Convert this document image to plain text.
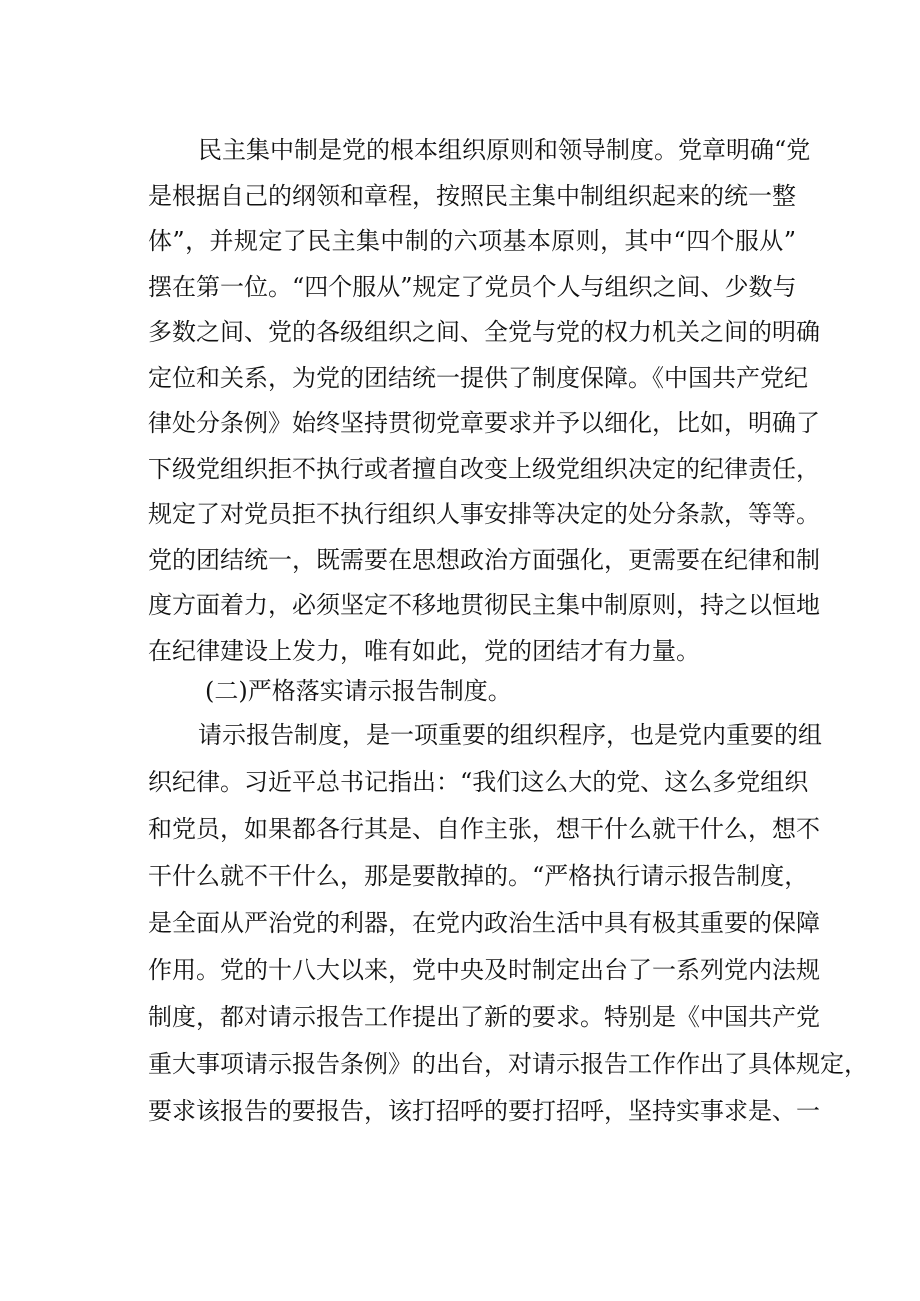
民主集中制是党的根本组织原则和领导制度。党章明确“党
是根据自己的纲领和章程，按照民主集中制组织起来的统一整
体”，并规定了民主集中制的六项基本原则，其中“四个服从”
摆在第一位。“四个服从”规定了党员个人与组织之间、少数与
多数之间、党的各级组织之间、全党与党的权力机关之间的明确
定位和关系，为党的团结统一提供了制度保障。《中国共产党纪
律处分条例》始终坚持贯彻党章要求并予以细化，比如，明确了
下级党组织拒不执行或者擅自改变上级党组织决定的纪律责任，
规定了对党员拒不执行组织人事安排等决定的处分条款，等等。
党的团结统一，既需要在思想政治方面强化，更需要在纪律和制
度方面着力，必须坚定不移地贯彻民主集中制原则，持之以恒地
在纪律建设上发力，唯有如此，党的团结才有力量。
(二)严格落实请示报告制度。
请示报告制度，是一项重要的组织程序，也是党内重要的组
织纪律。习近平总书记指出：“我们这么大的党、这么多党组织
和党员，如果都各行其是、自作主张，想干什么就干什么，想不
干什么就不干什么，那是要散掉的。“严格执行请示报告制度，
是全面从严治党的利器，在党内政治生活中具有极其重要的保障
作用。党的十八大以来，党中央及时制定出台了一系列党内法规
制度，都对请示报告工作提出了新的要求。特别是《中国共产党
重大事项请示报告条例》的出台，对请示报告工作作出了具体规定，
要求该报告的要报告，该打招呼的要打招呼，坚持实事求是、一
